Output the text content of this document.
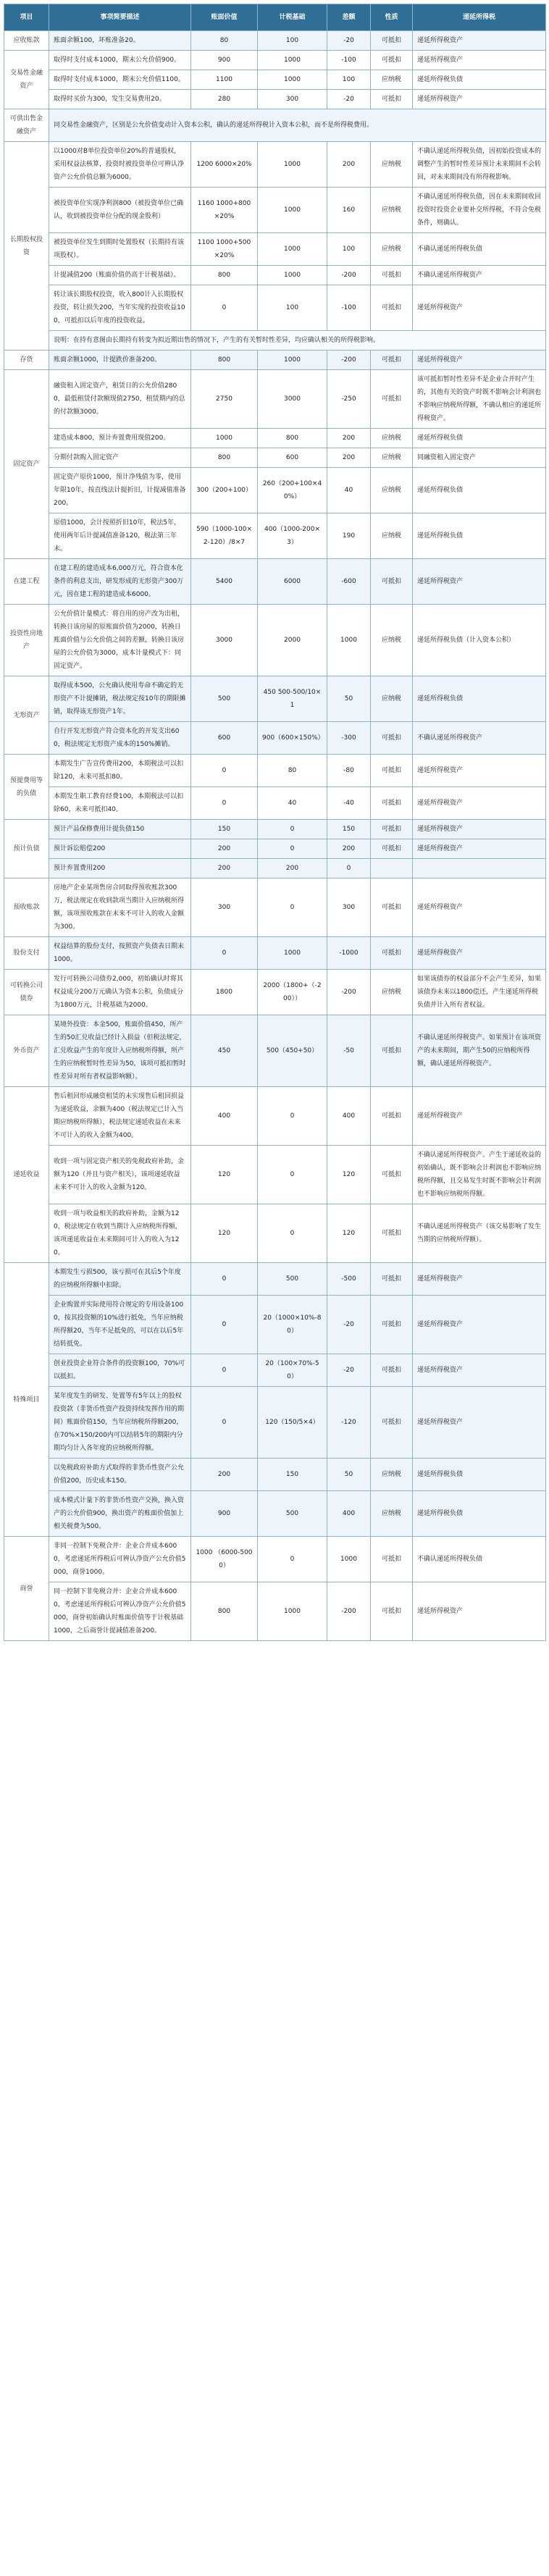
项目	事项简要描述	账面价值	计税基础	差额	性质	递延所得税
应收账款	账面余额100，坏账准备20。	80	100	-20	可抵扣	递延所得税资产
交易性金融资产	取得时支付成本1000，期末公允价值900。	900	1000	-100	可抵扣	递延所得税资产
	取得时支付成本1000，期末公允价值1100。	1100	1000	100	应纳税	递延所得税负债
	取得时买价为300，发生交易费用20。	280	300	-20	可抵扣	递延所得税资产
可供出售金融资产	同交易性金融资产，区别是公允价值变动计入资本公积，确认的递延所得税计入资本公积，而不是所得税费用。					
长期股权投资	以1000对B单位投资单位20%的普通股权，采用权益法核算，投资时被投资单位可辨认净资产公允价值总额为6000。	1200 6000×20%	1000	200	应纳税	不确认递延所得税负债，因初始投资成本的调整产生的暂时性差异预计未来期间不会转回，对未来期间没有所得税影响。
	被投资单位实现净利润800（被投资单位已确认，收到被投资单位分配的现金股利）	1160 1000+800×20%	1000	160	应纳税	不确认递延所得税负债，因在未来期间收回投资时投资企业要补交所得税，不符合免税条件，则确认。
	被投资单位发生到期时处置股权（长期持有该项股权）。	1100 1000+500×20%	1000	100	应纳税	不确认递延所得税负债
	计提减值200（账面价值仍高于计税基础）。	800	1000	-200	可抵扣	不确认递延所得税资产
	转让该长期股权投资，收入800计入长期股权投资，转让损失200，当年实现的投资收益100，可抵扣以后年度的投资收益。	0	100	-100	可抵扣	递延所得税资产
	说明：在持有意图由长期持有转变为拟近期出售的情况下，产生的有关暂时性差异，均应确认相关的所得税影响。					
存货	账面余额1000，计提跌价准备200。	800	1000	-200	可抵扣	递延所得税资产
固定资产	融资租入固定资产，租赁日的公允价值2800，最低租赁付款额现值2750，租赁期内的总的付款额3000。	2750	3000	-250	可抵扣	该可抵扣暂时性差异不是企业合并时产生的，其他有关的资产时既不影响会计利润也不影响应纳税所得额，不确认相应的递延所得税资产。
	建造成本800，预计弃置费用现值200。	1000	800	200	应纳税	递延所得税负债
	分期付款购入固定资产	800	600	200	应纳税	同融资租入固定资产
	固定资产原价1000，预计净残值为零，使用年限10年，按直线法计提折旧，计提减值准备200。	300（200+100）	260（200+100×40%）	40	应纳税	递延所得税负债
	原值1000，会计按照折旧10年，税法5年，使用两年后计提减值准备120，税法第三年末。	590（1000-100×2-120）/8×7	400（1000-200×3）	190	应纳税	递延所得税负债
在建工程	在建工程的建造成本6,000万元，符合资本化条件的利息支出，研发形成的无形资产300万元，因在建工程的建造成本6000。	5400	6000	-600	可抵扣	递延所得税资产
投资性房地产	公允价值计量模式：将自用的房产改为出租，转换日该房屋的原账面价值为2000，转换日账面价值与公允价值之间的差额，转换日该房屋的公允价值为3000，成本计量模式下：同固定资产。	3000	2000	1000	应纳税	递延所得税负债（计入资本公积）
无形资产	取得成本500，公允确认使用寿命不确定的无形资产不计提摊销，税法规定按10年的期限摊销，取得该无形资产1年。	500	450 500-500/10×1	50	应纳税	递延所得税负债
	自行开发无形资产符合资本化的开发支出600，税法规定无形资产成本的150%摊销。	600	900（600×150%）	-300	可抵扣	不确认递延所得税资产
预提费用等的负债	本期发生广告宣传费用200，本期税法可以扣除120，未来可抵扣80。	0	80	-80	可抵扣	递延所得税资产
	本期发生职工教育经费100，本期税法可以扣除60，未来可抵扣40。	0	40	-40	可抵扣	递延所得税资产
预计负债	预计产品保修费用计提负债150	150	0	150	可抵扣	递延所得税资产
	预计诉讼赔偿200	200	0	200	可抵扣	递延所得税资产
	预计弃置费用200	200	200	0		
预收账款	房地产企业某项售房合同取得预收账款300万，税法规定在收到款项当期计入应纳税所得额，该项预收账款在未来不可计入的收入金额为300。	300	0	300	可抵扣	递延所得税资产
股份支付	权益结算的股份支付，按照资产负债表日期末1000。	0	1000	-1000	可抵扣	递延所得税资产
可转换公司债券	发行可转换公司债券2,000，初始确认时将其权益成分200万元确认为资本公积，负债成分为1800万元，计税基础为2000。	1800	2000（1800+（-200））	-200	应纳税	如果该债券的权益部分不会产生差异，如果该债券未来以1800偿还，产生递延所得税负债并计入所有者权益。
外币资产	某境外投资：本金500，账面价值450，所产生的50汇兑收益已经计入损益（但税法规定，汇兑收益产生的年度计入应纳税所得额，所产生的应纳税暂时性差异为50，该项可抵扣暂时性差异对所有者权益影响额）。	450	500（450+50）	-50	可抵扣	不确认递延所得税资产。如果预计在该项资产的未来期间，期产生50的应纳税所得额，确认递延所得税资产。
递延收益	售后租回形成融资租赁的未实现售后租回损益为递延收益，余额为400（税法规定已计入当期应纳税所得额），税法规定递延收益在未来不可计入的收入金额为400。	400	0	400	可抵扣	递延所得税资产
	收到一项与固定资产相关的免税政府补助，金额为120（并且与资产相关），该项递延收益未来不可计入的收入金额为120。	120	0	120	可抵扣	不确认递延所得税资产。产生于递延收益的初始确认，既不影响会计利润也不影响应纳税所得额，且交易发生时既不影响会计利润也不影响应纳税所得额。
	收到一项与收益相关的政府补助，金额为120，税法规定在收到当期计入应纳税所得额，该项递延收益在未来期间可计入的收入为120。	120	0	120	可抵扣	不确认递延所得税资产（该交易影响了发生当期的应纳税所得额）。
特殊项目	本期发生亏损500，该亏损可在其后5个年度的应纳税所得额中扣除。	0	500	-500	可抵扣	递延所得税资产
	企业购置并实际使用符合规定的专用设备1000，按其投资额的10%进行抵免，当年应纳税所得额20，当年不足抵免的，可以在以后5年结转抵免。	0	20（1000×10%-80）	-20	可抵扣	递延所得税资产
	创业投资企业符合条件的投资额100，70%可以抵扣。	0	20（100×70%-50）	-20	可抵扣	递延所得税资产
	某年度发生的研发、处置等有5年以上的股权投资款（非货币性资产投资持续发挥作用的期间）账面价值150，当年应纳税所得额200，在70%×150/200内可以结转5年的期限内分期均匀计入各年度的应纳税所得额。	0	120（150/5×4）	-120	可抵扣	递延所得税资产
	以免税政府补助方式取得的非货币性资产公允价值200，历史成本150。	200	150	50	应纳税	递延所得税负债
	成本模式计量下的非货币性资产交换，换入资产的公允价值900，换出资产的账面价值加上相关税费为500。	900	500	400	应纳税	递延所得税负债
商誉	非同一控制下免税合并：企业合并成本6000，考虑递延所得税后可辨认净资产公允价值5000，商誉1000。	1000 （6000-5000）	0	1000	可抵扣	不确认递延所得税负债
	同一控制下非免税合并：企业合并成本6000，考虑递延所得税后可辨认净资产公允价值5000，商誉初始确认时账面价值等于计税基础1000，之后商誉计提减值准备200。	800	1000	-200	可抵扣	递延所得税资产
